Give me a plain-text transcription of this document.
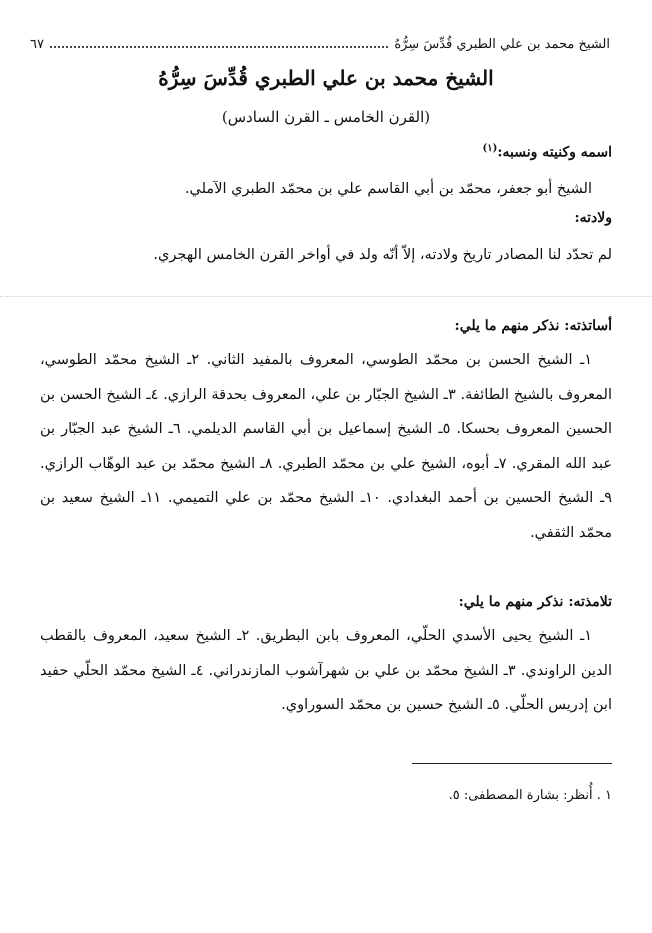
الشيخ محمد بن علي الطبري قُدِّسَ سِرُّهُ
٦٧
الشيخ محمد بن علي الطبري قُدِّسَ سِرُّهُ
(القرن الخامس ـ القرن السادس)
اسمه وكنيته ونسبه:$^{(١)}$
الشيخ أبو جعفر، محمّد بن أبي القاسم علي بن محمّد الطبري الآملي.
ولادته:
لم تحدّد لنا المصادر تاريخ ولادته، إلاّ أنّه ولد في أواخر القرن الخامس الهجري.
أساتذته: نذكر منهم ما يلي:
١ـ الشيخ الحسن بن محمّد الطوسي، المعروف بالمفيد الثاني. ٢ـ الشيخ محمّد الطوسي، المعروف بالشيخ الطائفة. ٣ـ الشيخ الجبّار بن علي، المعروف بحدقة الرازي. ٤ـ الشيخ الحسن بن الحسين المعروف بحسكا. ٥ـ الشيخ إسماعيل بن أبي القاسم الديلمي. ٦ـ الشيخ عبد الجبّار بن عبد الله المقري. ٧ـ أبوه، الشيخ علي بن محمّد الطبري. ٨ـ الشيخ محمّد بن عبد الوهّاب الرازي. ٩ـ الشيخ الحسين بن أحمد البغدادي. ١٠ـ الشيخ محمّد بن علي التميمي. ١١ـ الشيخ سعيد بن محمّد الثقفي.
تلامذته: نذكر منهم ما يلي:
١ـ الشيخ يحيى الأسدي الحلّي، المعروف بابن البطريق. ٢ـ الشيخ سعيد، المعروف بالقطب الدين الراوندي. ٣ـ الشيخ محمّد بن علي بن شهرآشوب المازندراني. ٤ـ الشيخ محمّد الحلّي حفيد ابن إدريس الحلّي. ٥ـ الشيخ حسين بن محمّد السوراوي.
١ . أُنظر: بشارة المصطفى: ٥.
